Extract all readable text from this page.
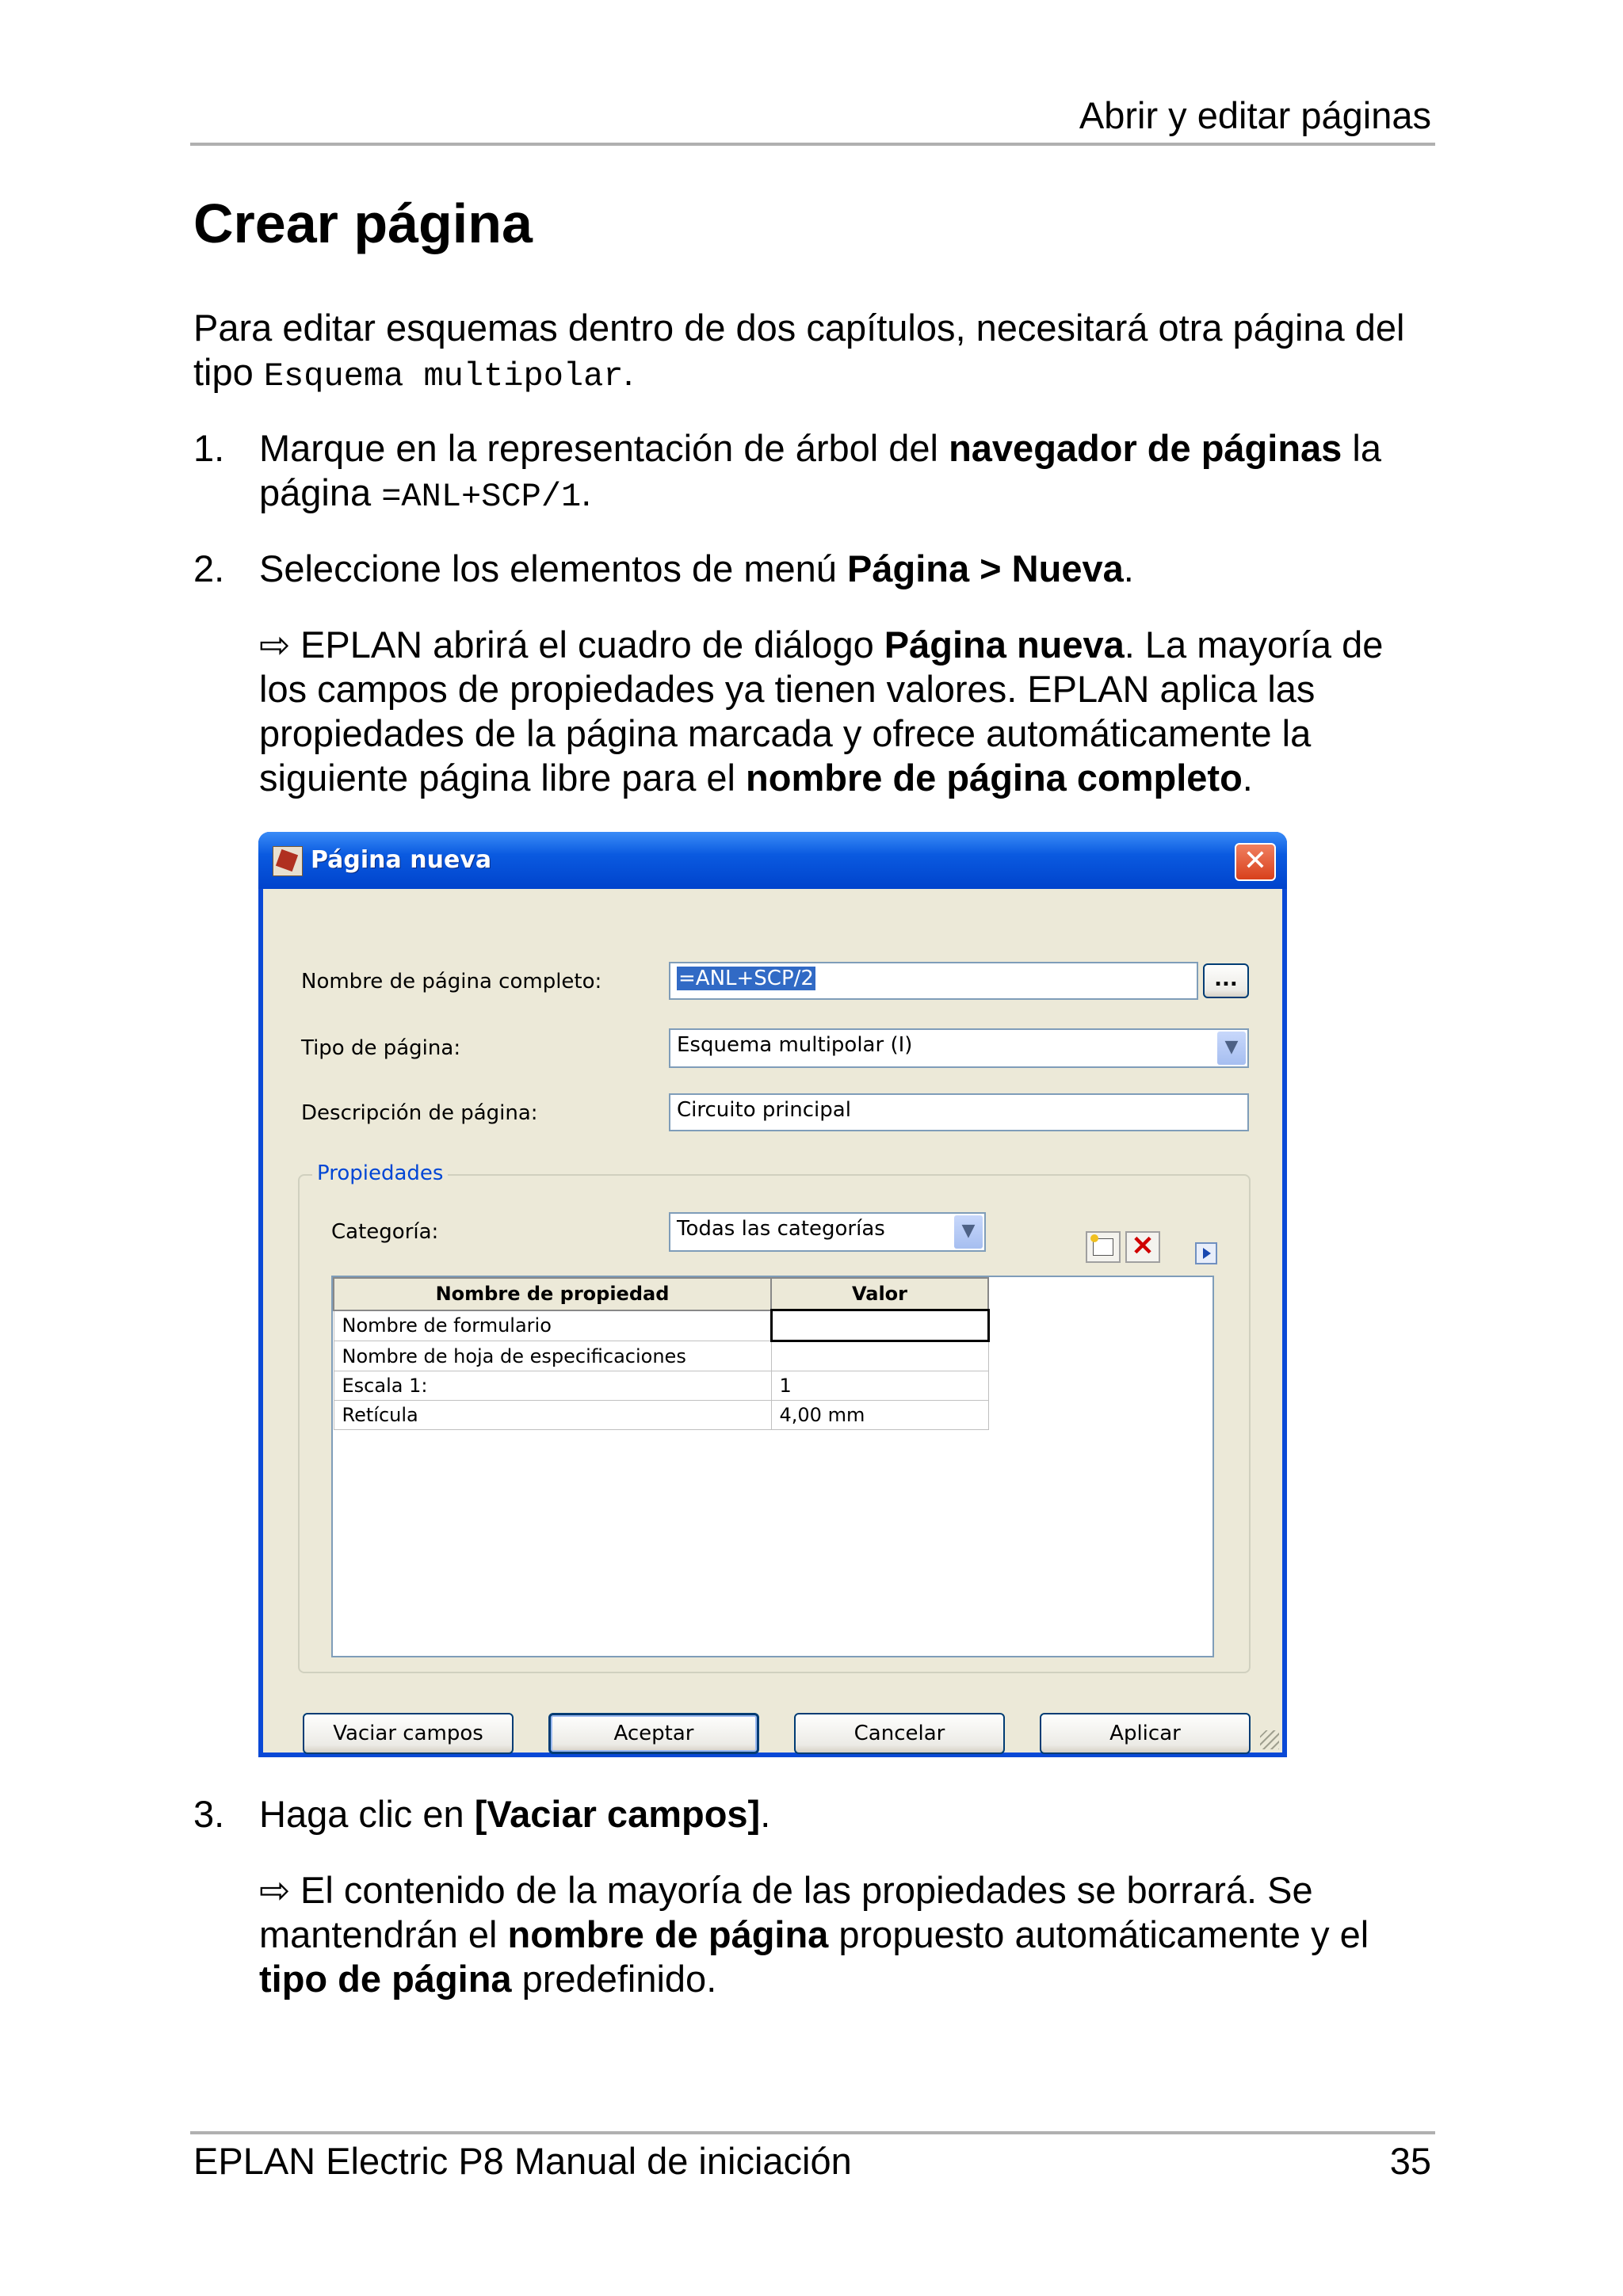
Abrir y editar páginas
Crear página
Para editar esquemas dentro de dos capítulos, necesitará otra página del tipo Esquema multipolar.
1. Marque en la representación de árbol del navegador de páginas la página =ANL+SCP/1.
2. Seleccione los elementos de menú Página > Nueva.
⇨ EPLAN abrirá el cuadro de diálogo Página nueva. La mayoría de los campos de propiedades ya tienen valores. EPLAN aplica las propiedades de la página marcada y ofrece automáticamente la siguiente página libre para el nombre de página completo.
Página nueva	✕
Nombre de página completo:	=ANL+SCP/2	...
Tipo de página:	Esquema multipolar (I)	▼
Descripción de página:	Circuito principal
Propiedades
Categoría:	Todas las categorías	▼
✕
Nombre de propiedad	Valor
Nombre de formulario	
Nombre de hoja de especificaciones	
Escala 1:	1
Retícula	4,00 mm
Vaciar campos	Aceptar	Cancelar	Aplicar
3. Haga clic en [Vaciar campos].
⇨ El contenido de la mayoría de las propiedades se borrará. Se mantendrán el nombre de página propuesto automáticamente y el tipo de página predefinido.
EPLAN Electric P8 Manual de iniciación	35
